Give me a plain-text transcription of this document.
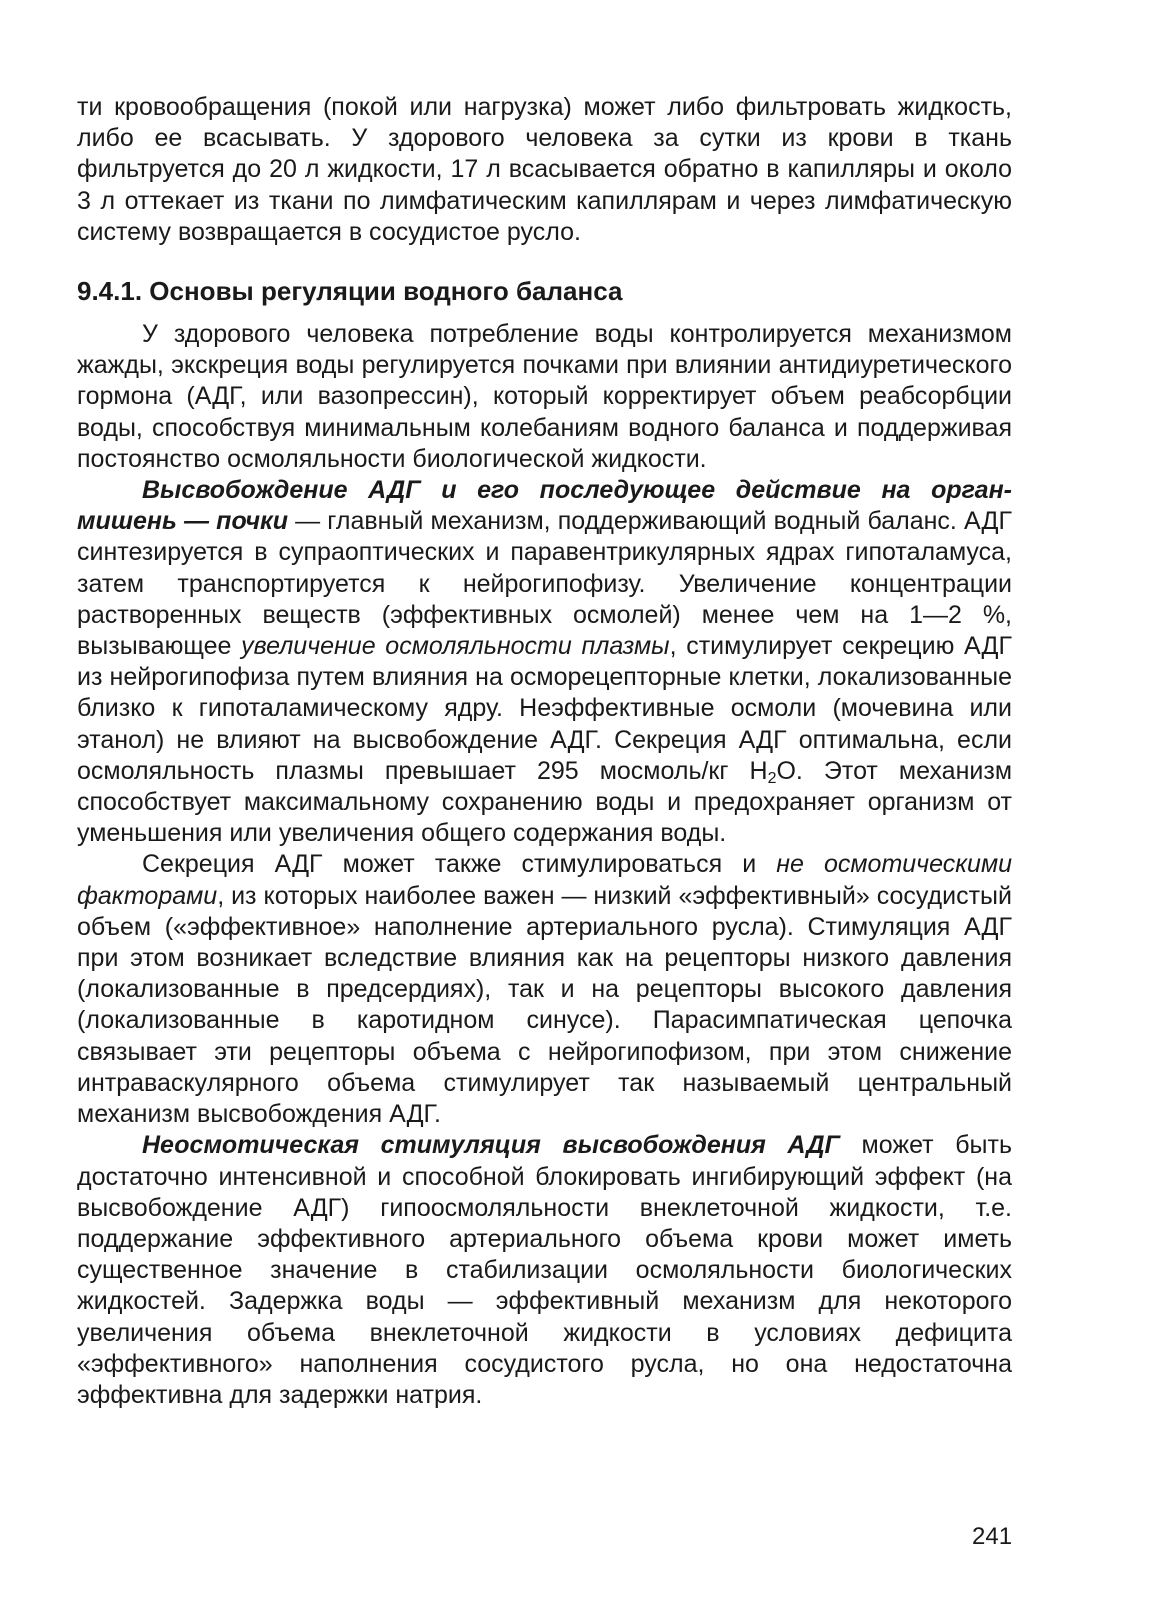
ти кровообращения (покой или нагрузка) может либо фильтровать жидкость, либо ее всасывать. У здорового человека за сутки из крови в ткань фильтруется до 20 л жидкости, 17 л всасывается обратно в капилляры и около 3 л оттекает из ткани по лимфатическим капиллярам и через лимфатическую систему возвращается в сосудистое русло.

9.4.1. Основы регуляции водного баланса

У здорового человека потребление воды контролируется механизмом жажды, экскреция воды регулируется почками при влиянии антидиуретического гормона (АДГ, или вазопрессин), который корректирует объем реабсорбции воды, способствуя минимальным колебаниям водного баланса и поддерживая постоянство осмоляльности биологической жидкости.

Высвобождение АДГ и его последующее действие на орган-мишень — почки — главный механизм, поддерживающий водный баланс. АДГ синтезируется в супраоптических и паравентрикулярных ядрах гипоталамуса, затем транспортируется к нейрогипофизу. Увеличение концентрации растворенных веществ (эффективных осмолей) менее чем на 1—2 %, вызывающее увеличение осмоляльности плазмы, стимулирует секрецию АДГ из нейрогипофиза путем влияния на осморецепторные клетки, локализованные близко к гипоталамическому ядру. Неэффективные осмоли (мочевина или этанол) не влияют на высвобождение АДГ. Секреция АДГ оптимальна, если осмоляльность плазмы превышает 295 мосмоль/кг $Н_2О$. Этот механизм способствует максимальному сохранению воды и предохраняет организм от уменьшения или увеличения общего содержания воды.

Секреция АДГ может также стимулироваться и не осмотическими факторами, из которых наиболее важен — низкий «эффективный» сосудистый объем («эффективное» наполнение артериального русла). Стимуляция АДГ при этом возникает вследствие влияния как на рецепторы низкого давления (локализованные в предсердиях), так и на рецепторы высокого давления (локализованные в каротидном синусе). Парасимпатическая цепочка связывает эти рецепторы объема с нейрогипофизом, при этом снижение интраваскулярного объема стимулирует так называемый центральный механизм высвобождения АДГ.

Неосмотическая стимуляция высвобождения АДГ может быть достаточно интенсивной и способной блокировать ингибирующий эффект (на высвобождение АДГ) гипоосмоляльности внеклеточной жидкости, т.е. поддержание эффективного артериального объема крови может иметь существенное значение в стабилизации осмоляльности биологических жидкостей. Задержка воды — эффективный механизм для некоторого увеличения объема внеклеточной жидкости в условиях дефицита «эффективного» наполнения сосудистого русла, но она недостаточна эффективна для задержки натрия.

241
